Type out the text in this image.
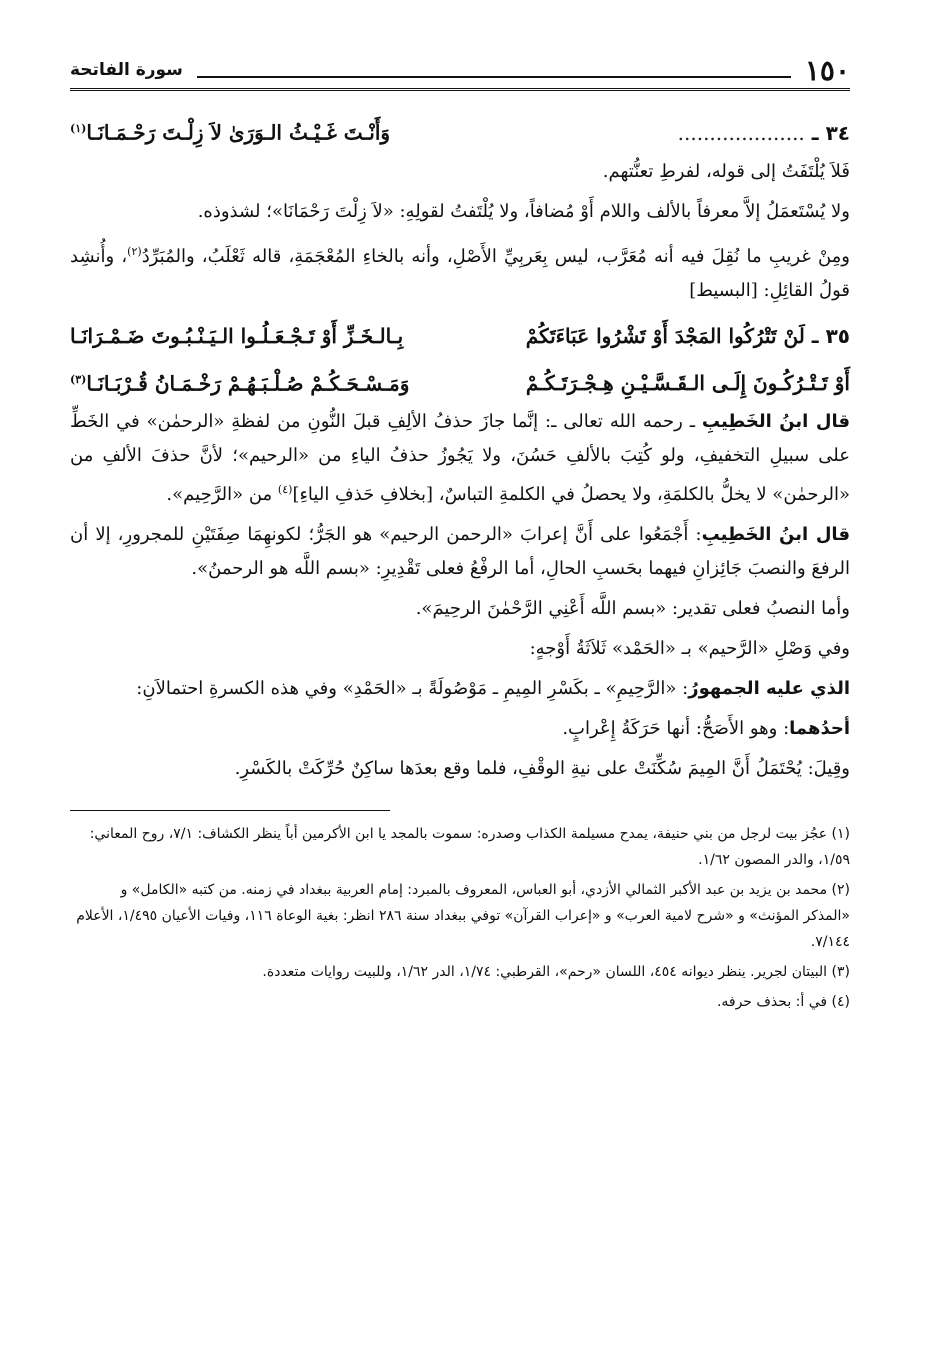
١٥٠
سورة الفاتحة
٣٤ ـ ....................
وَأَنْـتَ غَـيْـثُ الـوَرَىٰ لاَ زِلْـتَ رَحْـمَـانَـا$^{(١)}$

فَلاَ يُلْتَفَتُ إلى قوله، لفرطِ تعنُّتهم.

ولا يُسْتَعمَلُ إلاَّ معرفاً بالألف واللام أَوْ مُضافاً، ولا يُلْتَفتُ لقولِهِ: «لاَ زِلْتَ رَحْمَانَا»؛ لشذوذه.

ومِنْ غريبِ ما نُقِلَ فيه أنه مُعَرَّب، ليس بِعَربِيِّ الأَصْلِ، وأنه بالخاءِ المُعْجَمَةِ، قاله ثَعْلَبُ، والمُبَرِّدُ$^{(٢)}$، وأُنشِد قولُ القائِلِ: [البسيط]

٣٥ ـ لَنْ تَتْرُكُوا المَجْدَ أَوْ تَشْرُوا عَبَاءَتَكُمْ
بِـالـخَـزِّ أَوْ تَـجْـعَـلُـوا الـيَـنْـبُـوتَ ضَـمْـرَانَـا
أَوْ تَـتْـرُكُـونَ إِلَـى الـقَـسَّـيْـنِ هِـجْـرَتَـكُـمْ
وَمَـسْـحَـكُـمْ صُـلْـبَـهُـمْ رَخْـمَـانُ قُـرْبَـانَـا$^{(٣)}$

قال ابنُ الخَطِيبِ ـ رحمه الله تعالى ـ: إنَّما جازَ حذفُ الألِفِ قبلَ النُّونِ من لفظةِ «الرحمٰن» في الخَطِّ على سبيلِ التخفيفِ، ولو كُتِبَ بالألفِ حَسُنَ، ولا يَجُوزُ حذفُ الياءِ من «الرحيم»؛ لأنَّ حذفَ الألفِ من «الرحمٰن» لا يخلُّ بالكلمَةِ، ولا يحصلُ في الكلمةِ التباسٌ، [بخلافِ حَذفِ الياءِ]$^{(٤)}$ من «الرَّحِيم».

قال ابنُ الخَطِيبِ: أَجْمَعُوا على أَنَّ إعرابَ «الرحمن الرحيم» هو الجَرُّ؛ لكونهِمَا صِفَتَيْنِ للمجرورِ، إلا أن الرفعَ والنصبَ جَائِزانِ فيهما بحَسبِ الحالِ، أما الرفْعُ فعلى تَقْدِيرِ: «بسم اللَّه هو الرحمنُ».

وأما النصبُ فعلى تقدير: «بسم اللَّه أَعْنِي الرَّحْمٰنَ الرحِيمَ».

وفي وَصْلِ «الرَّحيم» بـ «الحَمْد» ثَلاَثَةُ أَوْجهٍ:

الذي عليه الجمهورُ: «الرَّحِيمِ» ـ بكَسْرِ المِيمِ ـ مَوْصُولَةً بـ «الحَمْدِ» وفي هذه الكسرةِ احتمالاَنِ:

أحدُهما: وهو الأَصَحُّ: أنها حَرَكَةُ إِعْرابٍ.

وقِيلَ: يُحْتَمَلُ أَنَّ المِيمَ سُكِّنَتْ على نيةِ الوقْفِ، فلما وقع بعدَها ساكِنٌ حُرِّكَتْ بالكَسْرِ.

(١) عجُز بيت لرجل من بني حنيفة، يمدح مسيلمة الكذاب وصدره: سموت بالمجد يا ابن الأكرمين أباً ينظر الكشاف: ٧/١، روح المعاني: ١/٥٩، والدر المصون ١/٦٢.

(٢) محمد بن يزيد بن عبد الأكبر الثمالي الأزدي، أبو العباس، المعروف بالمبرد: إمام العربية ببغداد في زمنه. من كتبه «الكامل» و «المذكر المؤنث» و «شرح لامية العرب» و «إعراب القرآن» توفي ببغداد سنة ٢٨٦ انظر: بغية الوعاة ١١٦، وفيات الأعيان ١/٤٩٥، الأعلام ٧/١٤٤.

(٣) البيتان لجرير. ينظر ديوانه ٤٥٤، اللسان «رحم»، القرطبي: ١/٧٤، الدر ١/٦٢، وللبيت روايات متعددة.

(٤) في أ: بحذف حرفه.
